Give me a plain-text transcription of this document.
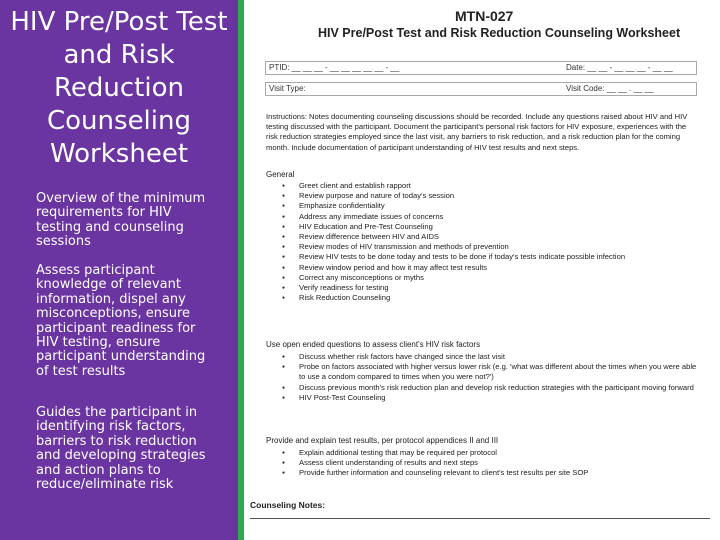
HIV Pre/Post Test and Risk Reduction Counseling Worksheet
Overview of the minimum requirements for HIV testing and counseling sessions
Assess participant knowledge of relevant information, dispel any misconceptions, ensure participant readiness for HIV testing, ensure participant understanding of test results
Guides the participant in identifying risk factors, barriers to risk reduction and developing strategies and action plans to reduce/eliminate risk
MTN-027
HIV Pre/Post Test and Risk Reduction Counseling Worksheet
PTID: __ __ __ - __ __ __ __ __ - __	Date: __ __ - __ __ __ - __ __
Visit Type:	Visit Code: __ __ . __ __
Instructions: Notes documenting counseling discussions should be recorded. Include any questions raised about HIV and HIV testing discussed with the participant. Document the participant's personal risk factors for HIV exposure, experiences with the risk reduction strategies employed since the last visit, any barriers to risk reduction, and a risk reduction plan for the coming month. Include documentation of participant understanding of HIV test results and next steps.
General
● Greet client and establish rapport
● Review purpose and nature of today's session
● Emphasize confidentiality
● Address any immediate issues of concerns
● HIV Education and Pre-Test Counseling
● Review difference between HIV and AIDS
● Review modes of HIV transmission and methods of prevention
● Review HIV tests to be done today and tests to be done if today's tests indicate possible infection
● Review window period and how it may affect test results
● Correct any misconceptions or myths
● Verify readiness for testing
● Risk Reduction Counseling
Use open ended questions to assess client's HIV risk factors
● Discuss whether risk factors have changed since the last visit
● Probe on factors associated with higher versus lower risk (e.g. 'what was different about the times when you were able to use a condom compared to times when you were not?')
● Discuss previous month's risk reduction plan and develop risk reduction strategies with the participant moving forward
● HIV Post-Test Counseling
Provide and explain test results, per protocol appendices II and III
● Explain additional testing that may be required per protocol
● Assess client understanding of results and next steps
● Provide further information and counseling relevant to client's test results per site SOP
Counseling Notes:
